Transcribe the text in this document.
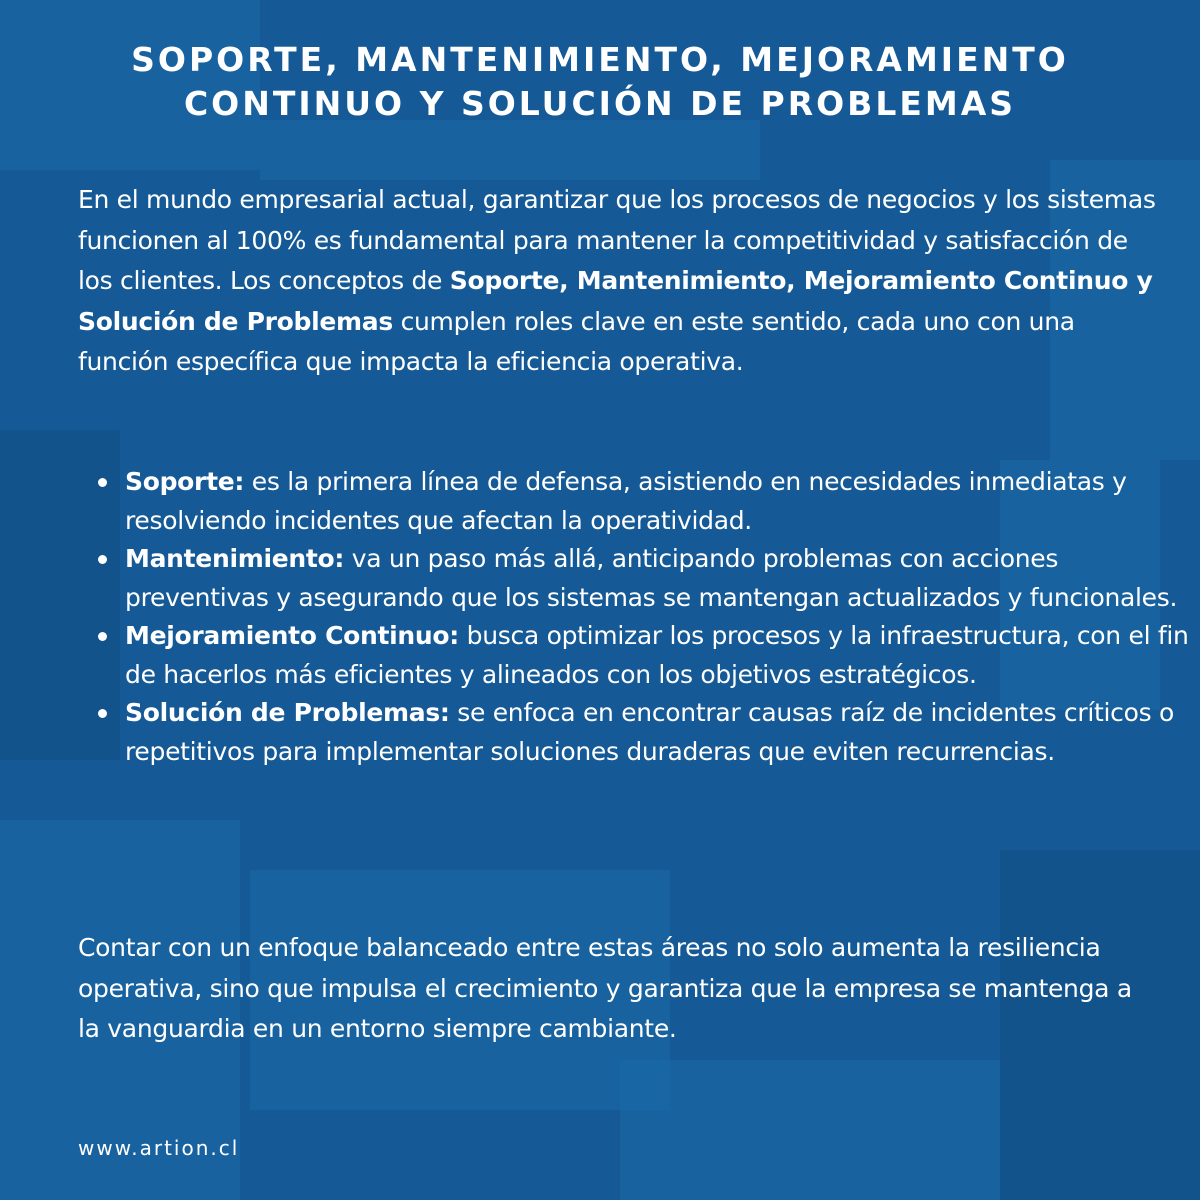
SOPORTE, MANTENIMIENTO, MEJORAMIENTO CONTINUO Y SOLUCIÓN DE PROBLEMAS

En el mundo empresarial actual, garantizar que los procesos de negocios y los sistemas funcionen al 100% es fundamental para mantener la competitividad y satisfacción de los clientes. Los conceptos de Soporte, Mantenimiento, Mejoramiento Continuo y Solución de Problemas cumplen roles clave en este sentido, cada uno con una función específica que impacta la eficiencia operativa.

Soporte: es la primera línea de defensa, asistiendo en necesidades inmediatas y resolviendo incidentes que afectan la operatividad.
Mantenimiento: va un paso más allá, anticipando problemas con acciones preventivas y asegurando que los sistemas se mantengan actualizados y funcionales.
Mejoramiento Continuo: busca optimizar los procesos y la infraestructura, con el fin de hacerlos más eficientes y alineados con los objetivos estratégicos.
Solución de Problemas: se enfoca en encontrar causas raíz de incidentes críticos o repetitivos para implementar soluciones duraderas que eviten recurrencias.

Contar con un enfoque balanceado entre estas áreas no solo aumenta la resiliencia operativa, sino que impulsa el crecimiento y garantiza que la empresa se mantenga a la vanguardia en un entorno siempre cambiante.

www.artion.cl
